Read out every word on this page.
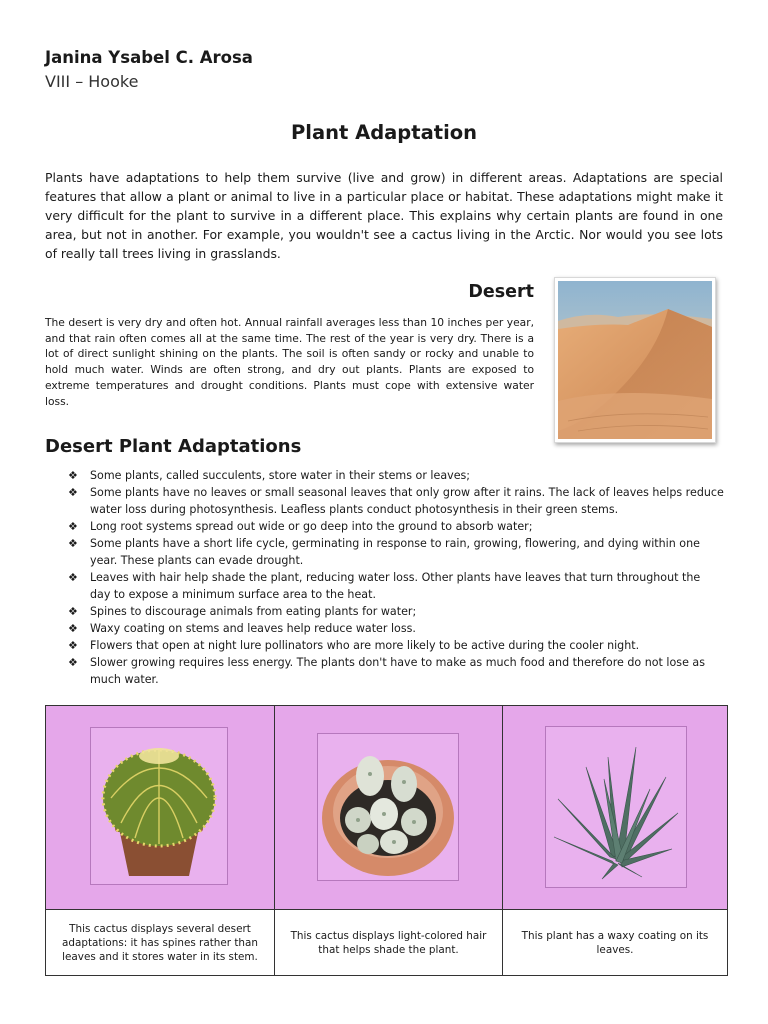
Janina Ysabel C. Arosa
VIII – Hooke
Plant Adaptation

Plants have adaptations to help them survive (live and grow) in different areas. Adaptations are special features that allow a plant or animal to live in a particular place or habitat. These adaptations might make it very difficult for the plant to survive in a different place. This explains why certain plants are found in one area, but not in another. For example, you wouldn't see a cactus living in the Arctic. Nor would you see lots of really tall trees living in grasslands.

Desert

The desert is very dry and often hot. Annual rainfall averages less than 10 inches per year, and that rain often comes all at the same time. The rest of the year is very dry. There is a lot of direct sunlight shining on the plants. The soil is often sandy or rocky and unable to hold much water. Winds are often strong, and dry out plants. Plants are exposed to extreme temperatures and drought conditions. Plants must cope with extensive water loss.

Desert Plant Adaptations
❖ Some plants, called succulents, store water in their stems or leaves;
❖ Some plants have no leaves or small seasonal leaves that only grow after it rains. The lack of leaves helps reduce water loss during photosynthesis. Leafless plants conduct photosynthesis in their green stems.
❖ Long root systems spread out wide or go deep into the ground to absorb water;
❖ Some plants have a short life cycle, germinating in response to rain, growing, flowering, and dying within one year. These plants can evade drought.
❖ Leaves with hair help shade the plant, reducing water loss. Other plants have leaves that turn throughout the day to expose a minimum surface area to the heat.
❖ Spines to discourage animals from eating plants for water;
❖ Waxy coating on stems and leaves help reduce water loss.
❖ Flowers that open at night lure pollinators who are more likely to be active during the cooler night.
❖ Slower growing requires less energy. The plants don't have to make as much food and therefore do not lose as much water.
This cactus displays several desert adaptations: it has spines rather than leaves and it stores water in its stem.
This cactus displays light-colored hair that helps shade the plant.
This plant has a waxy coating on its leaves.
